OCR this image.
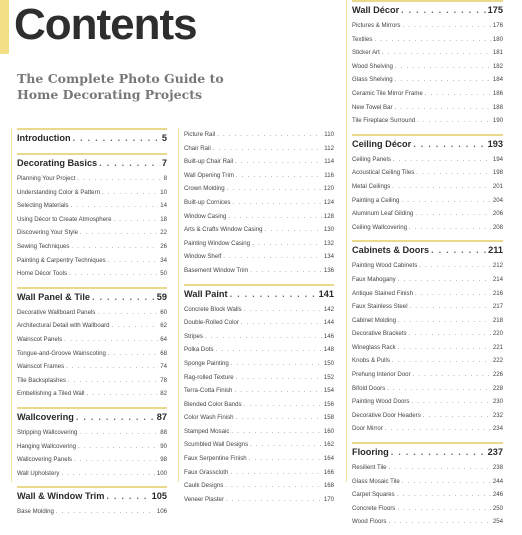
Contents

The Complete Photo Guide to Home Decorating Projects

Introduction . . .	5
Decorating Basics . . .	7
Planning Your Project . . .	8
Understanding Color & Pattern . . .	10
Selecting Materials . . .	14
Using Décor to Create Atmosphere . . .	18
Discovering Your Style . . .	22
Sewing Techniques . . .	26
Painting & Carpentry Techniques . . .	34
Home Décor Tools . . .	50
Wall Panel & Tile . . .	59
Decorative Wallboard Panels . . .	60
Architectural Detail with Wallboard . . .	62
Wainscot Panels . . .	64
Tongue-and-Groove Wainscoting . . .	68
Wainscot Frames . . .	74
Tile Backsplashes . . .	78
Embellishing a Tiled Wall . . .	82
Wallcovering . . .	87
Stripping Wallcovering . . .	88
Hanging Wallcovering . . .	90
Wallcovering Panels . . .	98
Wall Upholstery . . .	100
Wall & Window Trim . . .	105
Base Molding . . .	106
Picture Rail . . .	110
Chair Rail . . .	112
Built-up Chair Rail . . .	114
Wall Opening Trim . . .	116
Crown Molding . . .	120
Built-up Cornices . . .	124
Window Casing . . .	128
Arts & Crafts Window Casing . . .	130
Painting Window Casing . . .	132
Window Shelf . . .	134
Basement Window Trim . . .	136
Wall Paint . . .	141
Concrete Block Walls . . .	142
Double-Rolled Color . . .	144
Stripes . . .	146
Polka Dots . . .	148
Sponge Painting . . .	150
Rag-rolled Texture . . .	152
Terra-Cotta Finish . . .	154
Blended Color Bands . . .	156
Color Wash Finish . . .	158
Stamped Mosaic . . .	160
Scumbled Wall Designs . . .	162
Faux Serpentine Finish . . .	164
Faux Grasscloth . . .	166
Caulk Designs . . .	168
Veneer Plaster . . .	170
Wall Décor . . .	175
Pictures & Mirrors . . .	176
Textiles . . .	180
Sticker Art . . .	181
Wood Shelving . . .	182
Glass Shelving . . .	184
Ceramic Tile Mirror Frame . . .	186
New Towel Bar . . .	188
Tile Fireplace Surround . . .	190
Ceiling Décor . . .	193
Ceiling Panels . . .	194
Acoustical Ceiling Tiles . . .	198
Metal Ceilings . . .	201
Painting a Ceiling . . .	204
Aluminum Leaf Gilding . . .	206
Ceiling Wallcovering . . .	208
Cabinets & Doors . . .	211
Painting Wood Cabinets . . .	212
Faux Mahogany . . .	214
Antique Stained Finish . . .	216
Faux Stainless Steel . . .	217
Cabinet Molding . . .	218
Decorative Brackets . . .	220
Wineglass Rack . . .	221
Knobs & Pulls . . .	222
Prehung Interior Door . . .	226
Bifold Doors . . .	228
Painting Wood Doors . . .	230
Decorative Door Headers . . .	232
Door Mirror . . .	234
Flooring . . .	237
Resilient Tile . . .	238
Glass Mosaic Tile . . .	244
Carpet Squares . . .	246
Concrete Floors . . .	250
Wood Floors . . .	254
